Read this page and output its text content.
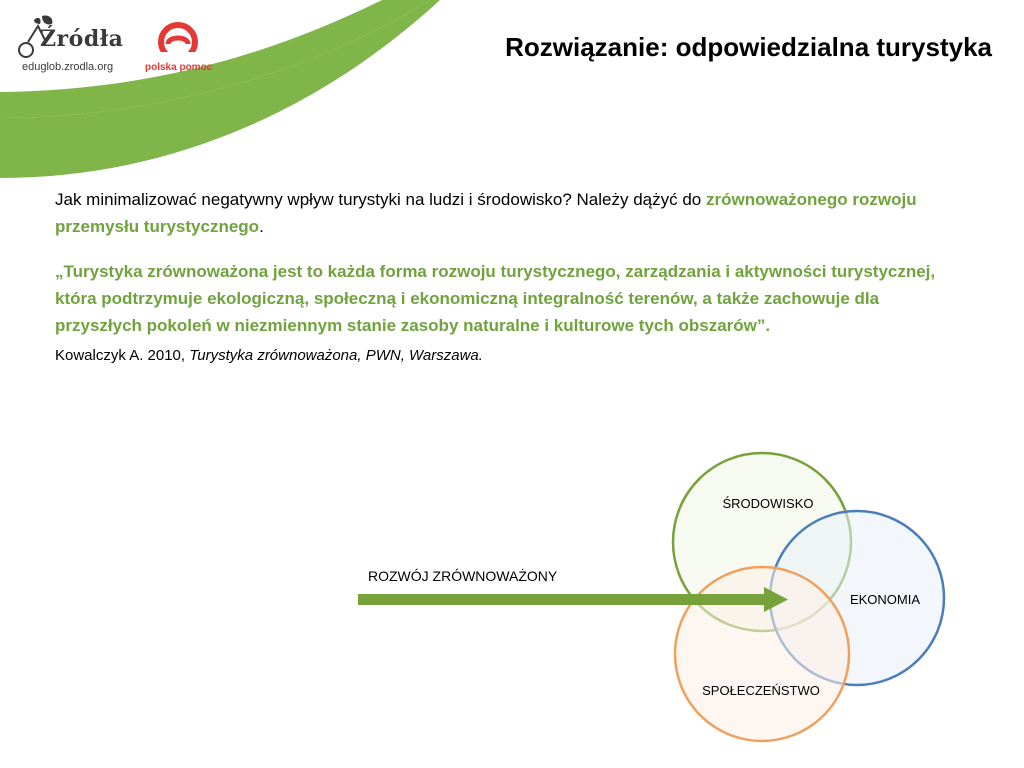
Źródła
eduglob.zrodla.org	polska pomoc
Rozwiązanie: odpowiedzialna turystyka

Jak minimalizować negatywny wpływ turystyki na ludzi i środowisko? Należy dążyć do zrównoważonego rozwoju przemysłu turystycznego.

„Turystyka zrównoważona jest to każda forma rozwoju turystycznego, zarządzania i aktywności turystycznej, która podtrzymuje ekologiczną, społeczną i ekonomiczną integralność terenów, a także zachowuje dla przyszłych pokoleń w niezmiennym stanie zasoby naturalne i kulturowe tych obszarów”.

Kowalczyk A. 2010, Turystyka zrównoważona, PWN, Warszawa.

ŚRODOWISKO
EKONOMIA
SPOŁECZEŃSTWO
ROZWÓJ ZRÓWNOWAŻONY
